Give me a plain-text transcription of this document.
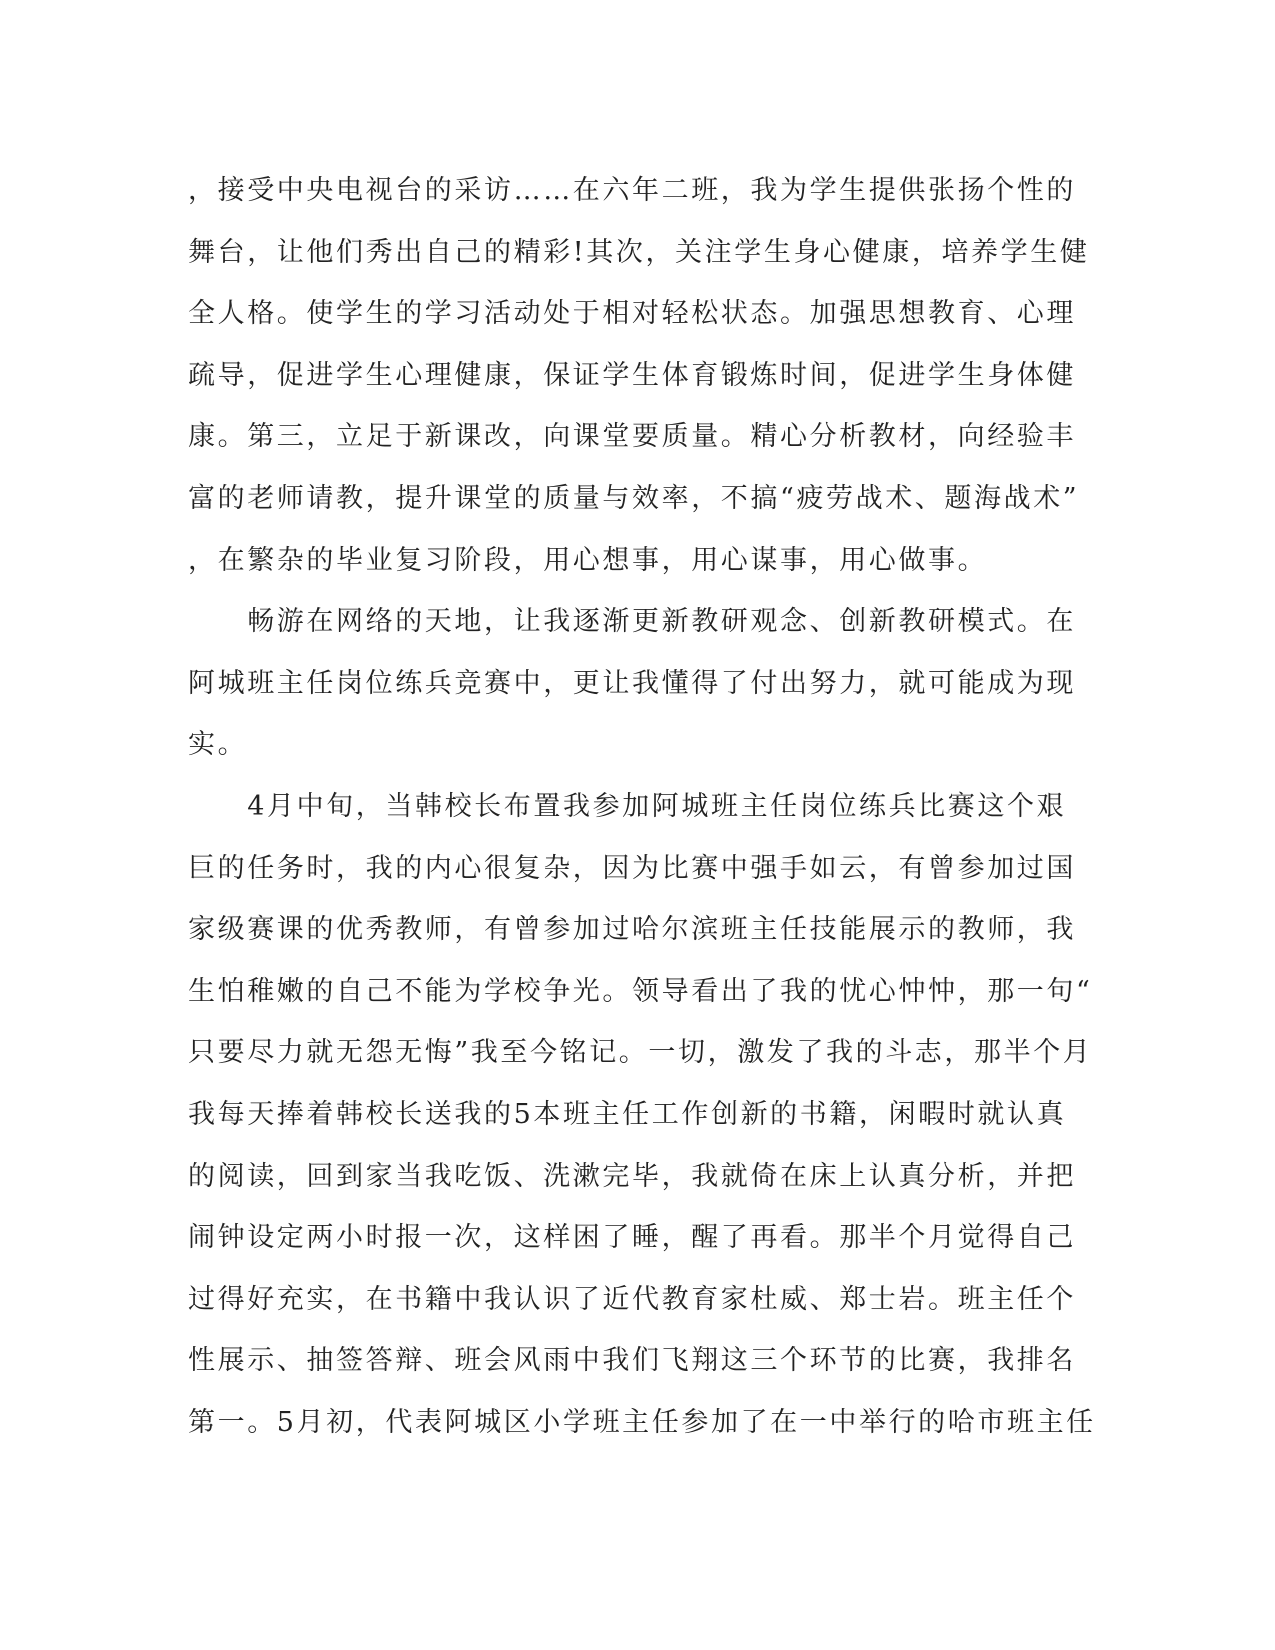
，接受中央电视台的采访……在六年二班，我为学生提供张扬个性的
舞台，让他们秀出自己的精彩!其次，关注学生身心健康，培养学生健
全人格。使学生的学习活动处于相对轻松状态。加强思想教育、心理
疏导，促进学生心理健康，保证学生体育锻炼时间，促进学生身体健
康。第三，立足于新课改，向课堂要质量。精心分析教材，向经验丰
富的老师请教，提升课堂的质量与效率，不搞“疲劳战术、题海战术”
，在繁杂的毕业复习阶段，用心想事，用心谋事，用心做事。
　　畅游在网络的天地，让我逐渐更新教研观念、创新教研模式。在
阿城班主任岗位练兵竞赛中，更让我懂得了付出努力，就可能成为现
实。
　　4月中旬，当韩校长布置我参加阿城班主任岗位练兵比赛这个艰
巨的任务时，我的内心很复杂，因为比赛中强手如云，有曾参加过国
家级赛课的优秀教师，有曾参加过哈尔滨班主任技能展示的教师，我
生怕稚嫩的自己不能为学校争光。领导看出了我的忧心忡忡，那一句“
只要尽力就无怨无悔”我至今铭记。一切，激发了我的斗志，那半个月
我每天捧着韩校长送我的5本班主任工作创新的书籍，闲暇时就认真
的阅读，回到家当我吃饭、洗漱完毕，我就倚在床上认真分析，并把
闹钟设定两小时报一次，这样困了睡，醒了再看。那半个月觉得自己
过得好充实，在书籍中我认识了近代教育家杜威、郑士岩。班主任个
性展示、抽签答辩、班会风雨中我们飞翔这三个环节的比赛，我排名
第一。5月初，代表阿城区小学班主任参加了在一中举行的哈市班主任
